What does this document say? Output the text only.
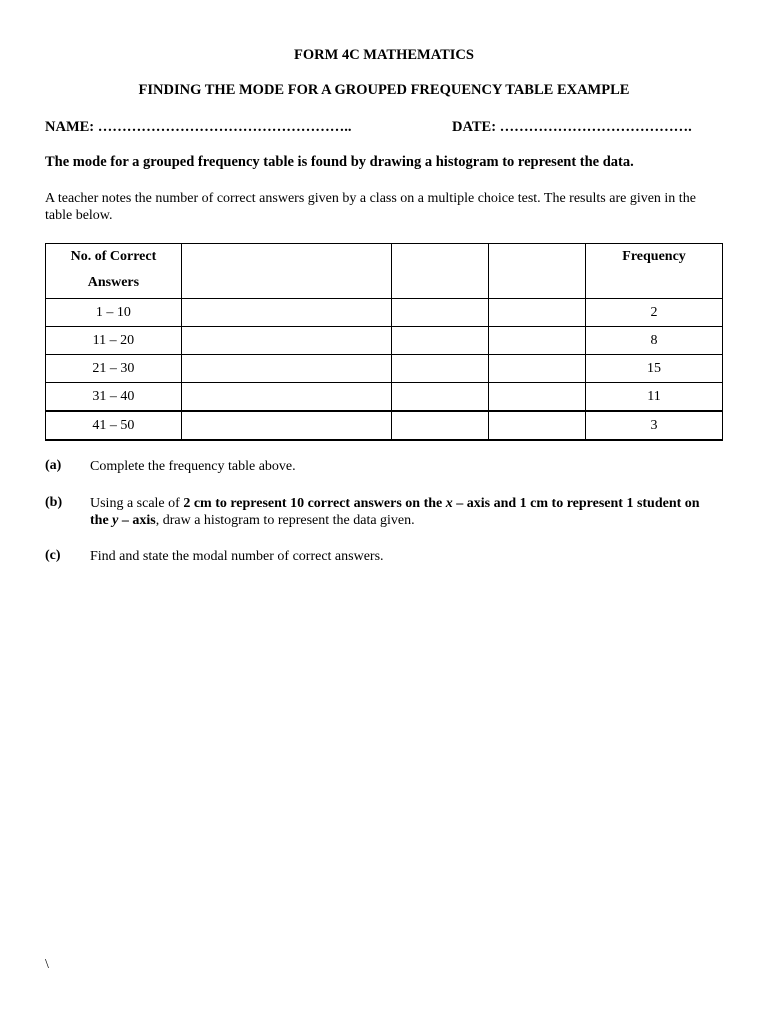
FORM 4C MATHEMATICS
FINDING THE MODE FOR A GROUPED FREQUENCY TABLE EXAMPLE
NAME: ……………………………………………..	DATE: ………………………………….
The mode for a grouped frequency table is found by drawing a histogram to represent the data.
A teacher notes the number of correct answers given by a class on a multiple choice test. The results are given in the table below.
No. of Correct
Answers				Frequency
1 – 10				2
11 – 20				8
21 – 30				15
31 – 40				11
41 – 50				3
(a) Complete the frequency table above.
(b) Using a scale of 2 cm to represent 10 correct answers on the x – axis and 1 cm to represent 1 student on the y – axis, draw a histogram to represent the data given.
(c) Find and state the modal number of correct answers.
\
